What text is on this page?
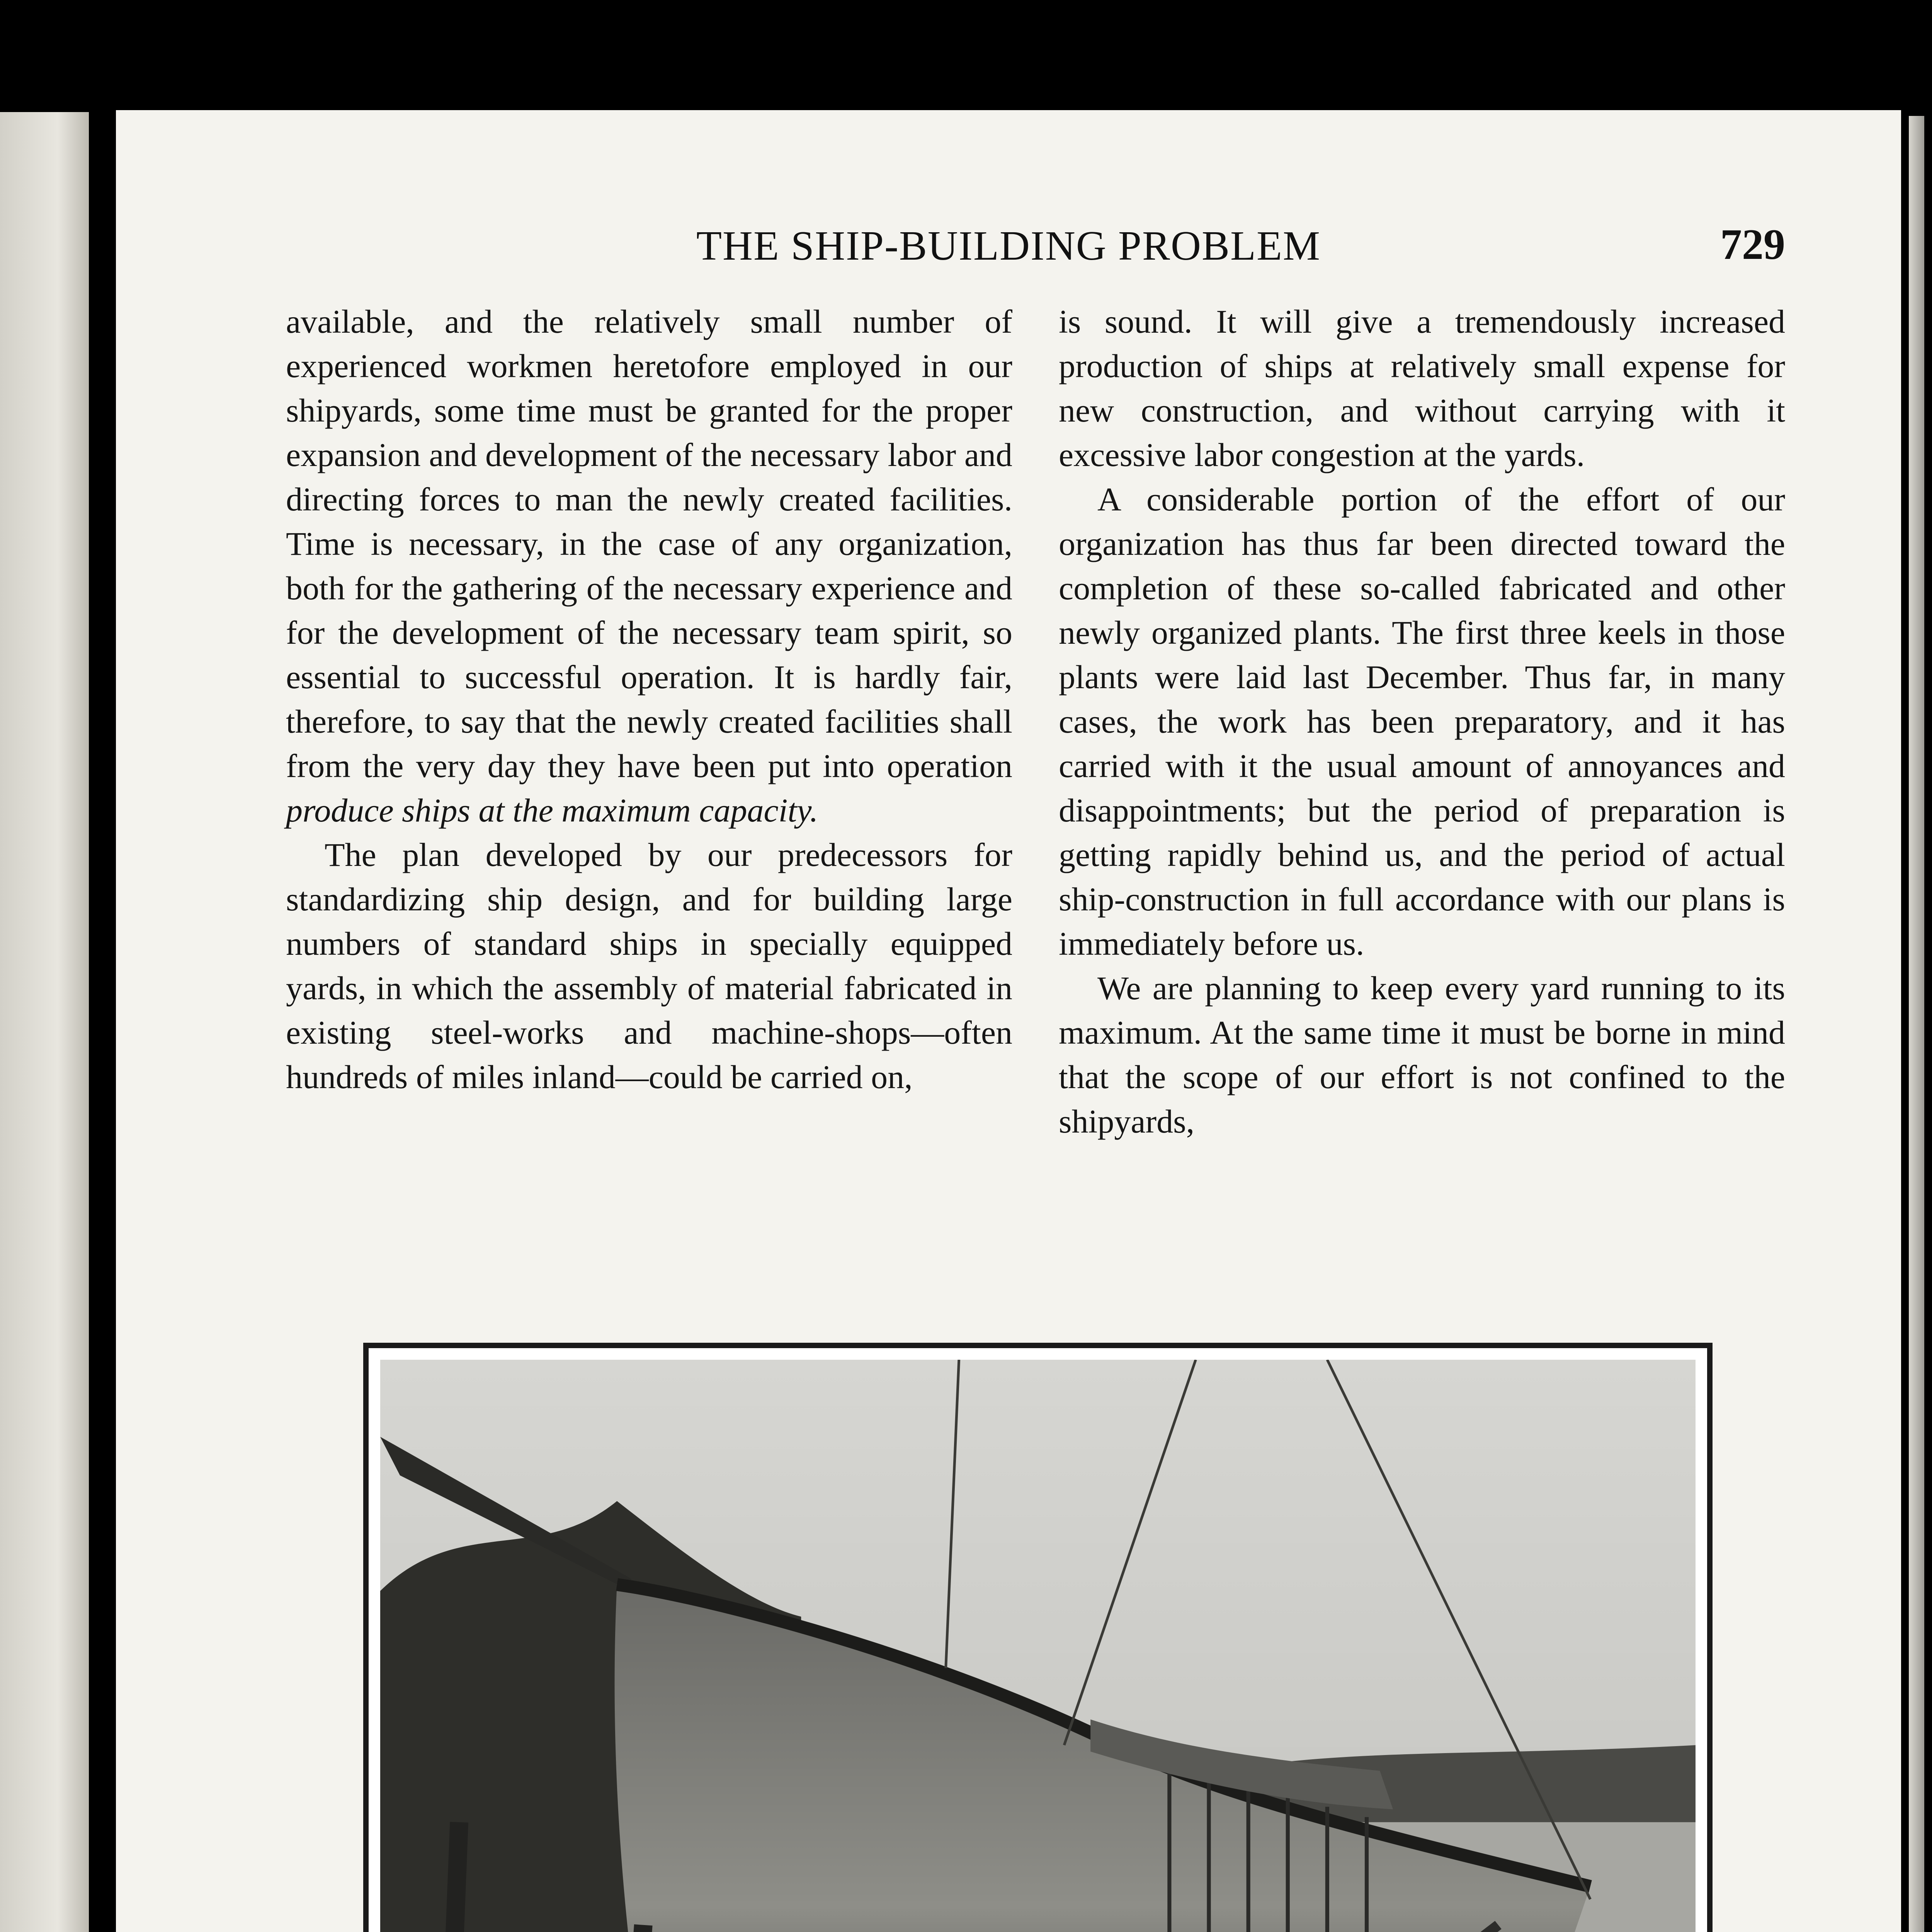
THE SHIP-BUILDING PROBLEM	729

available, and the relatively small number of experienced workmen heretofore employed in our shipyards, some time must be granted for the proper expansion and development of the necessary labor and directing forces to man the newly created facilities. Time is necessary, in the case of any organization, both for the gathering of the necessary experience and for the development of the necessary team spirit, so essential to successful operation. It is hardly fair, therefore, to say that the newly created facilities shall from the very day they have been put into operation produce ships at the maximum capacity.

The plan developed by our predecessors for standardizing ship design, and for building large numbers of standard ships in specially equipped yards, in which the assembly of material fabricated in existing steel-works and machine-shops—often hundreds of miles inland—could be carried on,

is sound. It will give a tremendously increased production of ships at relatively small expense for new construction, and without carrying with it excessive labor congestion at the yards.

A considerable portion of the effort of our organization has thus far been directed toward the completion of these so-called fabricated and other newly organized plants. The first three keels in those plants were laid last December. Thus far, in many cases, the work has been preparatory, and it has carried with it the usual amount of annoyances and disappointments; but the period of preparation is getting rapidly behind us, and the period of actual ship-construction in full accordance with our plans is immediately before us.

We are planning to keep every yard running to its maximum. At the same time it must be borne in mind that the scope of our effort is not confined to the shipyards,
